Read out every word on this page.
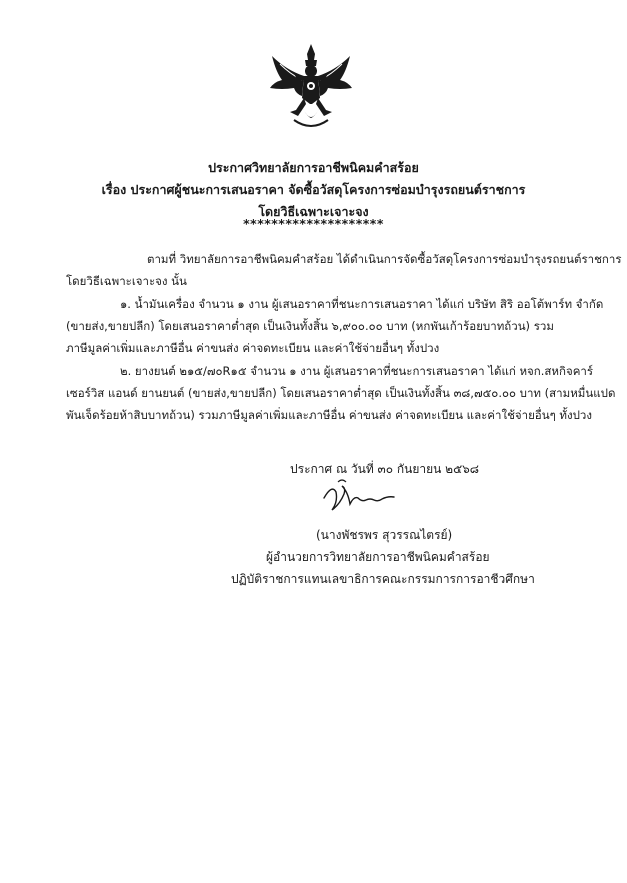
ประกาศวิทยาลัยการอาชีพนิคมคำสร้อย
เรื่อง ประกาศผู้ชนะการเสนอราคา จัดซื้อวัสดุโครงการซ่อมบำรุงรถยนต์ราชการ
โดยวิธีเฉพาะเจาะจง
********************
ตามที่ วิทยาลัยการอาชีพนิคมคำสร้อย ได้ดำเนินการจัดซื้อวัสดุโครงการซ่อมบำรุงรถยนต์ราชการ
โดยวิธีเฉพาะเจาะจง นั้น
๑. น้ำมันเครื่อง จำนวน ๑ งาน ผู้เสนอราคาที่ชนะการเสนอราคา ได้แก่ บริษัท สิริ ออโต้พาร์ท จำกัด
(ขายส่ง,ขายปลีก) โดยเสนอราคาต่ำสุด เป็นเงินทั้งสิ้น ๖,๙๐๐.๐๐ บาท (หกพันเก้าร้อยบาทถ้วน) รวม
ภาษีมูลค่าเพิ่มและภาษีอื่น ค่าขนส่ง ค่าจดทะเบียน และค่าใช้จ่ายอื่นๆ ทั้งปวง
๒. ยางยนต์ ๒๑๕/๗๐R๑๕ จำนวน ๑ งาน ผู้เสนอราคาที่ชนะการเสนอราคา ได้แก่ หจก.สหกิจคาร์
เซอร์วิส แอนด์ ยานยนต์ (ขายส่ง,ขายปลีก) โดยเสนอราคาต่ำสุด เป็นเงินทั้งสิ้น ๓๘,๗๕๐.๐๐ บาท (สามหมื่นแปด
พันเจ็ดร้อยห้าสิบบาทถ้วน) รวมภาษีมูลค่าเพิ่มและภาษีอื่น ค่าขนส่ง ค่าจดทะเบียน และค่าใช้จ่ายอื่นๆ ทั้งปวง
ประกาศ ณ วันที่ ๓๐ กันยายน ๒๕๖๘
(นางพัชรพร สุวรรณไตรย์)
ผู้อำนวยการวิทยาลัยการอาชีพนิคมคำสร้อย
ปฏิบัติราชการแทนเลขาธิการคณะกรรมการการอาชีวศึกษา
